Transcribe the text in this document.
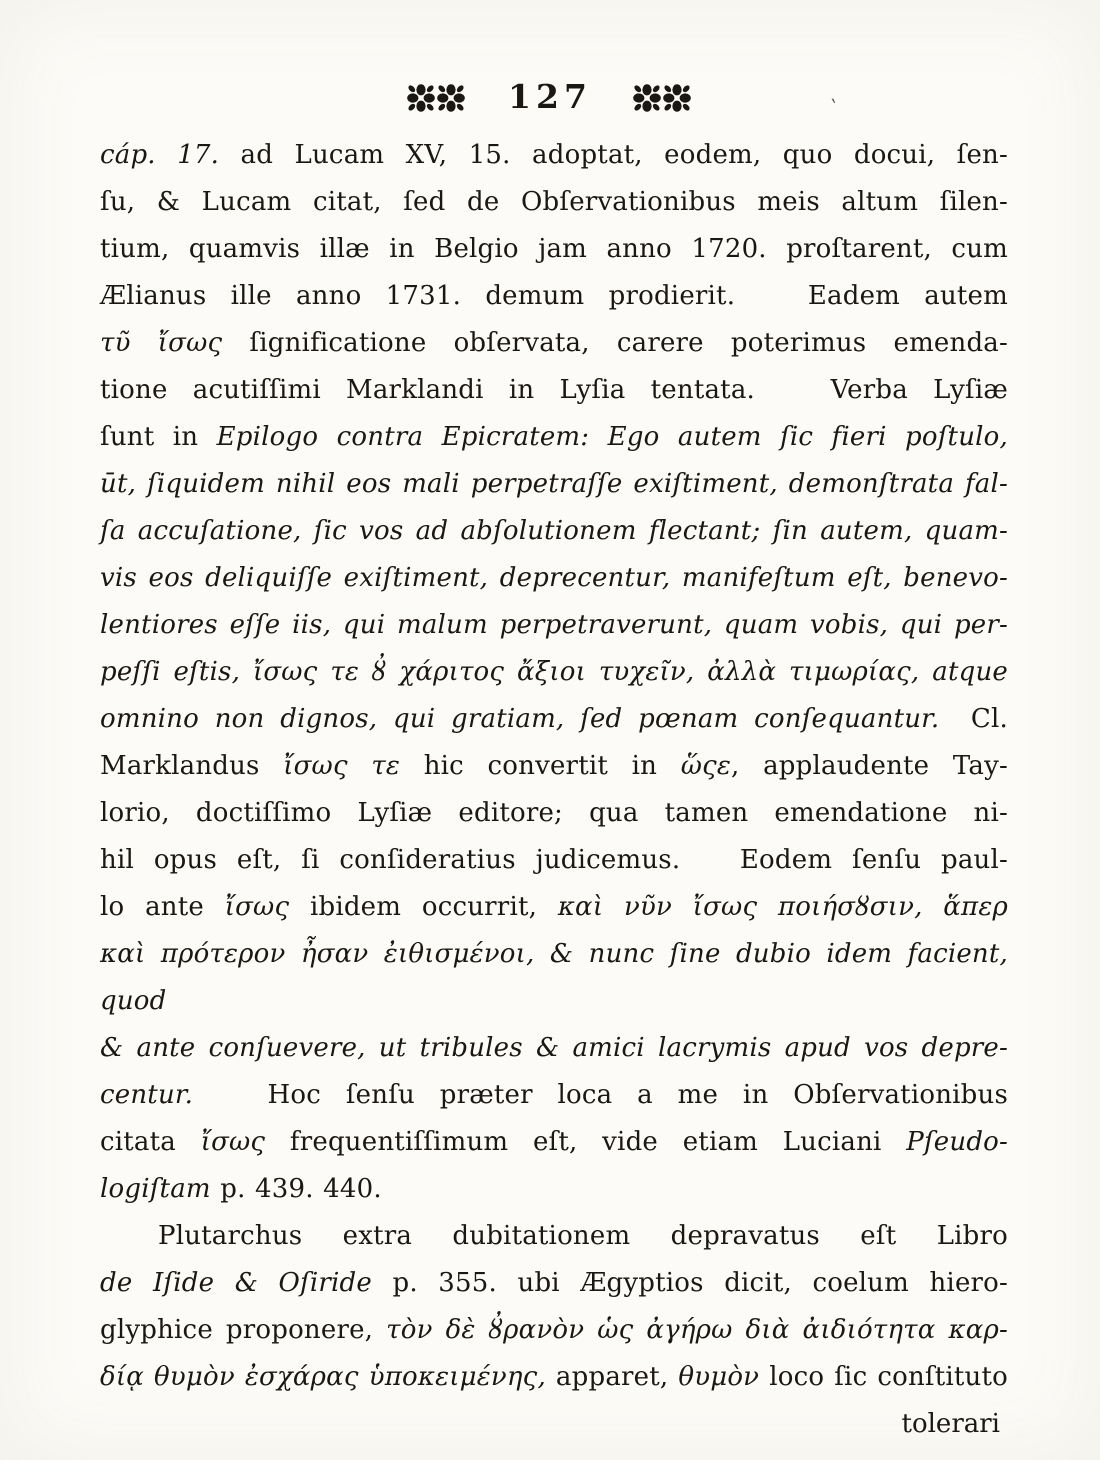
127	`
cáp. 17. ad Lucam XV, 15. adoptat, eodem, quo docui, ſen-
ſu, & Lucam citat, ſed de Obſervationibus meis altum ſilen-
tium, quamvis illæ in Belgio jam anno 1720. proſtarent, cum
Ælianus ille anno 1731. demum prodierit.   Eadem autem
τῦ ἴσως ſignificatione obſervata, carere poterimus emenda-
tione acutiſſimi Marklandi in Lyſia tentata.   Verba Lyſiæ
ſunt in Epilogo contra Epicratem: Ego autem ſic fieri poſtulo,
ūt, ſiquidem nihil eos mali perpetraſſe exiſtiment, demonſtrata fal-
ſa accuſatione, ſic vos ad abſolutionem flectant; ſin autem, quam-
vis eos deliquiſſe exiſtiment, deprecentur, manifeſtum eſt, benevo-
lentiores eſſe iis, qui malum perpetraverunt, quam vobis, qui per-
peſſi eſtis, ἴσως τε ȣ̓ χάριτος ἄξιοι τυχεῖν, ἀλλὰ τιμωρίας, atque
omnino non dignos, qui gratiam, ſed pœnam conſequantur.  Cl.
Marklandus ἴσως τε hic convertit in ὥςε, applaudente Tay-
lorio, doctiſſimo Lyſiæ editore; qua tamen emendatione ni-
hil opus eſt, ſi conſideratius judicemus.   Eodem ſenſu paul-
lo ante ἴσως ibidem occurrit, καὶ νῦν ἴσως ποιήσȣσιν, ἅπερ
καὶ πρότερον ἦσαν ἐιθισμένοι, & nunc ſine dubio idem facient, quod
& ante conſuevere, ut tribules & amici lacrymis apud vos depre-
centur.   Hoc ſenſu præter loca a me in Obſervationibus
citata ἴσως frequentiſſimum eſt, vide etiam Luciani Pſeudo-
logiſtam p. 439. 440.
Plutarchus extra dubitationem depravatus eſt Libro
de Iſide & Oſiride p. 355. ubi Ægyptios dicit, coelum hiero-
glyphice proponere, τὸν δὲ ȣ̓ρανὸν ὡς ἀγήρω διὰ ἀιδιότητα καρ-
δίᾳ θυμὸν ἐσχάρας ὑποκειμένης, apparet, θυμὸν loco ſic conſtituto
tolerari
